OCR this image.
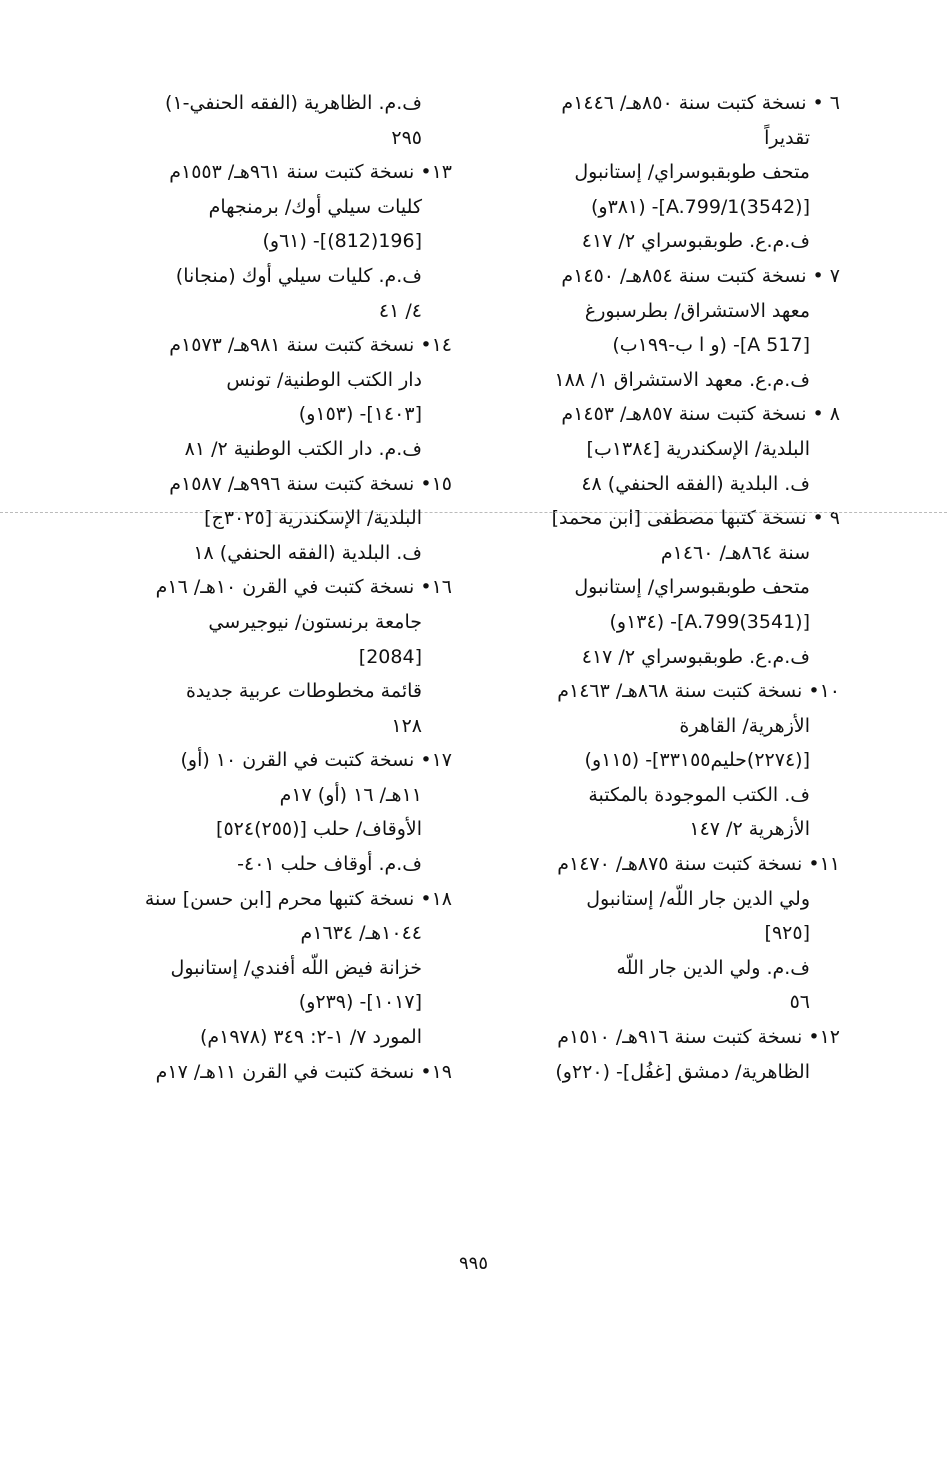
٦ • نسخة كتبت سنة ٨٥٠هـ/ ١٤٤٦م
تقديراً
متحف طوبقبوسراي/ إستانبول
[A.799/1(3542)]- (٣٨١و)
ف.م.ع. طوبقبوسراي ٢/ ٤١٧
٧ • نسخة كتبت سنة ٨٥٤هـ/ ١٤٥٠م
معهد الاستشراق/ بطرسبورغ
[A 517]- (و ا ب-١٩٩ب)
ف.م.ع. معهد الاستشراق ١/ ١٨٨
٨ • نسخة كتبت سنة ٨٥٧هـ/ ١٤٥٣م
البلدية/ الإسكندرية [١٣٨٤ب]
ف. البلدية (الفقه الحنفي) ٤٨
٩ • نسخة كتبها مصطفى [ابن محمد]
سنة ٨٦٤هـ/ ١٤٦٠م
متحف طوبقبوسراي/ إستانبول
[A.799(3541)]- (١٣٤و)
ف.م.ع. طوبقبوسراي ٢/ ٤١٧
١٠• نسخة كتبت سنة ٨٦٨هـ/ ١٤٦٣م
الأزهرية/ القاهرة
[(٢٢٧٤)حليم٣٣١٥٥]- (١١٥و)
ف. الكتب الموجودة بالمكتبة
الأزهرية ٢/ ١٤٧
١١• نسخة كتبت سنة ٨٧٥هـ/ ١٤٧٠م
ولي الدين جار اللّه/ إستانبول
[٩٢٥]
ف.م. ولي الدين جار اللّه
٥٦
١٢• نسخة كتبت سنة ٩١٦هـ/ ١٥١٠م
الظاهرية/ دمشق [غفُل]- (٢٢٠و)
ف.م. الظاهرية (الفقه الحنفي-١)
٢٩٥
١٣• نسخة كتبت سنة ٩٦١هـ/ ١٥٥٣م
كليات سيلي أوك/ برمنجهام
[196(812)]- (٦١و)
ف.م. كليات سيلي أوك (منجانا)
٤/ ٤١
١٤• نسخة كتبت سنة ٩٨١هـ/ ١٥٧٣م
دار الكتب الوطنية/ تونس
[١٤٠٣]- (١٥٣و)
ف.م. دار الكتب الوطنية ٢/ ٨١
١٥• نسخة كتبت سنة ٩٩٦هـ/ ١٥٨٧م
البلدية/ الإسكندرية [٣٠٢٥ج]
ف. البلدية (الفقه الحنفي) ١٨
١٦• نسخة كتبت في القرن ١٠هـ/ ١٦م
جامعة برنستون/ نيوجيرسي
[2084]
قائمة مخطوطات عربية جديدة
١٢٨
١٧• نسخة كتبت في القرن ١٠ (أو)
١١هـ/ ١٦ (أو) ١٧م
الأوقاف/ حلب [(٢٥٥)٥٢٤]
ف.م. أوقاف حلب ٤٠١-
١٨• نسخة كتبها محرم [ابن حسن] سنة
١٠٤٤هـ/ ١٦٣٤م
خزانة فيض اللّه أفندي/ إستانبول
[١٠١٧]- (٢٣٩و)
المورد ٧/ ١-٢: ٣٤٩ (١٩٧٨م)
١٩• نسخة كتبت في القرن ١١هـ/ ١٧م
٩٩٥
